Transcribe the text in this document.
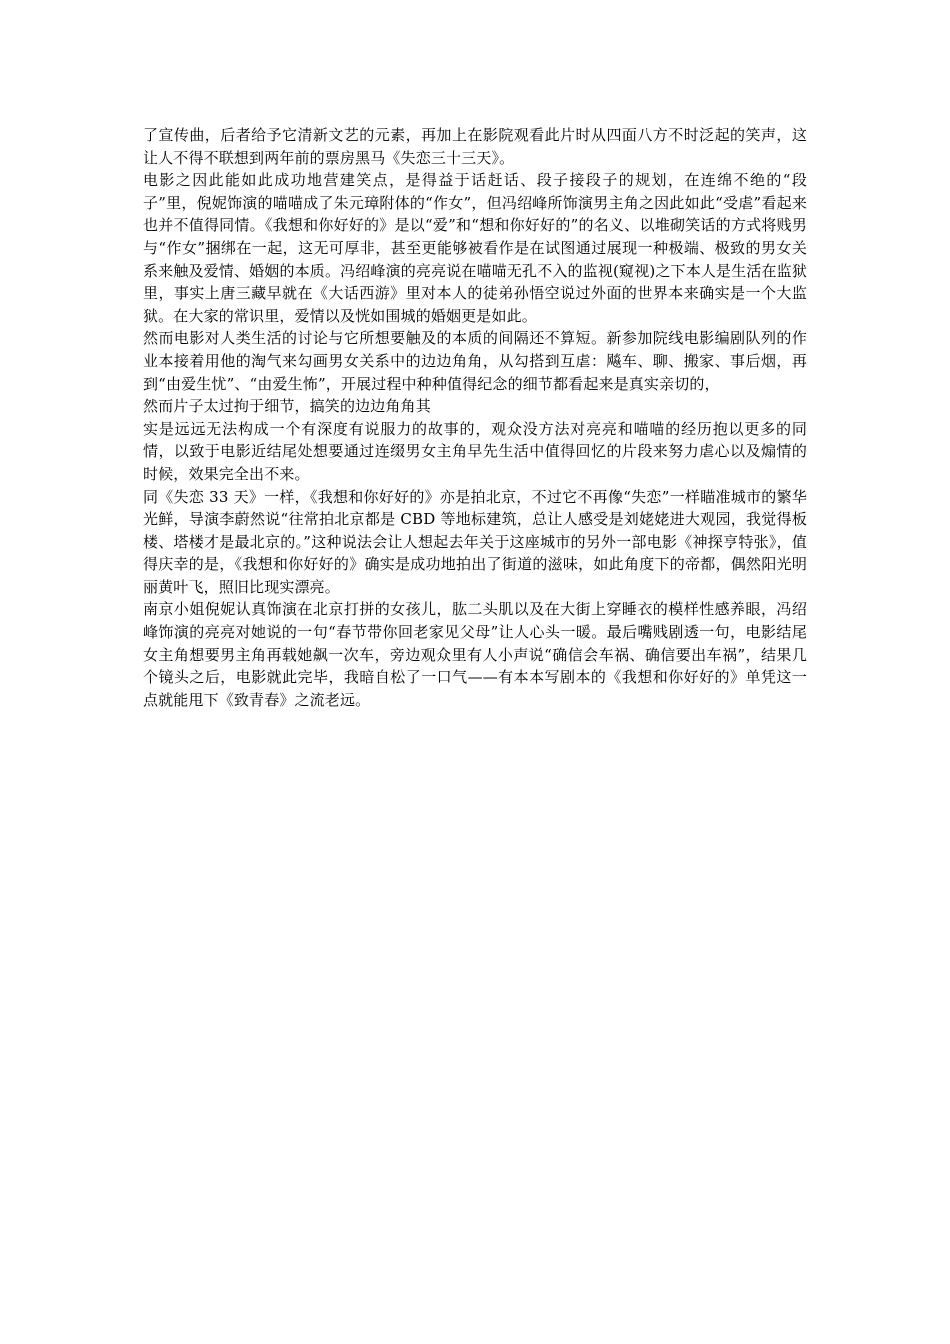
了宣传曲，后者给予它清新文艺的元素，再加上在影院观看此片时从四面八方不时泛起的笑声，这让人不得不联想到两年前的票房黑马《失恋三十三天》。

电影之因此能如此成功地营建笑点，是得益于话赶话、段子接段子的规划，在连绵不绝的“段子”里，倪妮饰演的喵喵成了朱元璋附体的“作女”，但冯绍峰所饰演男主角之因此如此“受虐”看起来也并不值得同情。《我想和你好好的》是以“爱”和“想和你好好的”的名义、以堆砌笑话的方式将贱男与“作女”捆绑在一起，这无可厚非，甚至更能够被看作是在试图通过展现一种极端、极致的男女关系来触及爱情、婚姻的本质。冯绍峰演的亮亮说在喵喵无孔不入的监视(窥视)之下本人是生活在监狱里，事实上唐三藏早就在《大话西游》里对本人的徒弟孙悟空说过外面的世界本来确实是一个大监狱。在大家的常识里，爱情以及恍如围城的婚姻更是如此。

然而电影对人类生活的讨论与它所想要触及的本质的间隔还不算短。新参加院线电影编剧队列的作业本接着用他的淘气来勾画男女关系中的边边角角，从勾搭到互虐：飚车、聊、搬家、事后烟，再到“由爱生忧”、“由爱生怖”，开展过程中种种值得纪念的细节都看起来是真实亲切的，

然而片子太过拘于细节，搞笑的边边角角其

实是远远无法构成一个有深度有说服力的故事的，观众没方法对亮亮和喵喵的经历抱以更多的同情，以致于电影近结尾处想要通过连缀男女主角早先生活中值得回忆的片段来努力虐心以及煽情的时候，效果完全出不来。

同《失恋 33 天》一样，《我想和你好好的》亦是拍北京，不过它不再像“失恋”一样瞄准城市的繁华光鲜，导演李蔚然说“往常拍北京都是 CBD 等地标建筑，总让人感受是刘姥姥进大观园，我觉得板楼、塔楼才是最北京的。”这种说法会让人想起去年关于这座城市的另外一部电影《神探亨特张》，值得庆幸的是，《我想和你好好的》确实是成功地拍出了街道的滋味，如此角度下的帝都，偶然阳光明丽黄叶飞，照旧比现实漂亮。

南京小姐倪妮认真饰演在北京打拼的女孩儿，肱二头肌以及在大街上穿睡衣的模样性感养眼，冯绍峰饰演的亮亮对她说的一句“春节带你回老家见父母”让人心头一暖。最后嘴贱剧透一句，电影结尾女主角想要男主角再载她飙一次车，旁边观众里有人小声说“确信会车祸、确信要出车祸”，结果几个镜头之后，电影就此完毕，我暗自松了一口气——有本本写剧本的《我想和你好好的》单凭这一点就能甩下《致青春》之流老远。
